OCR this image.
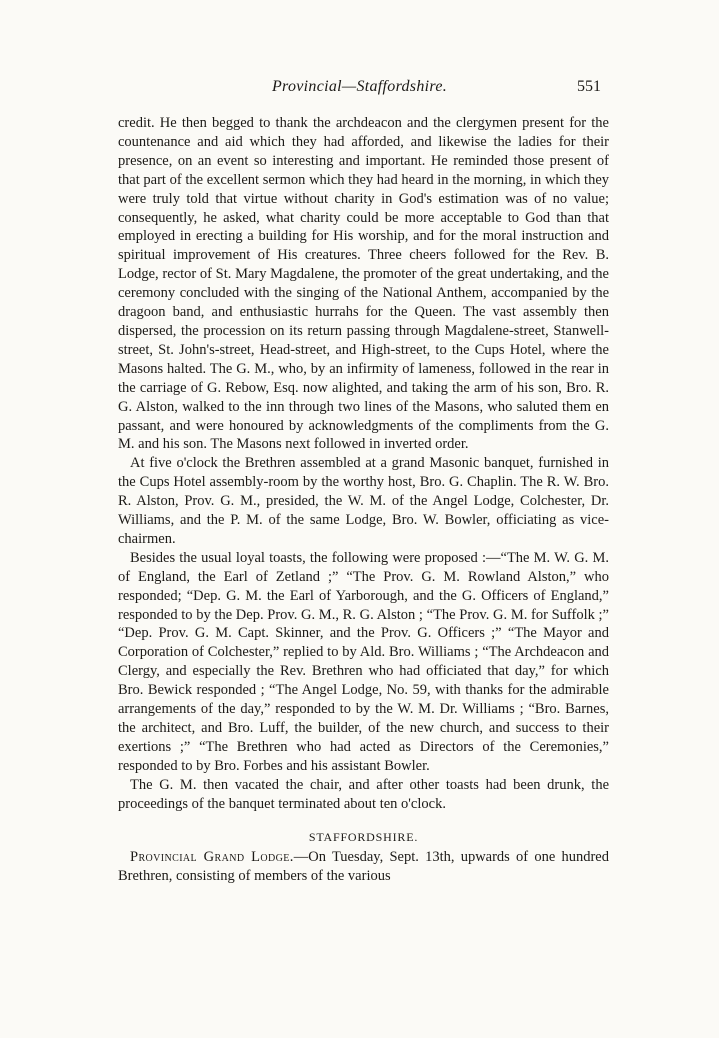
Provincial—Staffordshire.	551

credit. He then begged to thank the archdeacon and the clergymen present for the countenance and aid which they had afforded, and likewise the ladies for their presence, on an event so interesting and important. He reminded those present of that part of the excellent sermon which they had heard in the morning, in which they were truly told that virtue without charity in God's estimation was of no value; consequently, he asked, what charity could be more acceptable to God than that employed in erecting a building for His worship, and for the moral instruction and spiritual improvement of His creatures. Three cheers followed for the Rev. B. Lodge, rector of St. Mary Magdalene, the promoter of the great undertaking, and the ceremony concluded with the singing of the National Anthem, accompanied by the dragoon band, and enthusiastic hurrahs for the Queen. The vast assembly then dispersed, the procession on its return passing through Magdalene-street, Stanwell-street, St. John's-street, Head-street, and High-street, to the Cups Hotel, where the Masons halted. The G. M., who, by an infirmity of lameness, followed in the rear in the carriage of G. Rebow, Esq. now alighted, and taking the arm of his son, Bro. R. G. Alston, walked to the inn through two lines of the Masons, who saluted them en passant, and were honoured by acknowledgments of the compliments from the G. M. and his son. The Masons next followed in inverted order.

At five o'clock the Brethren assembled at a grand Masonic banquet, furnished in the Cups Hotel assembly-room by the worthy host, Bro. G. Chaplin. The R. W. Bro. R. Alston, Prov. G. M., presided, the W. M. of the Angel Lodge, Colchester, Dr. Williams, and the P. M. of the same Lodge, Bro. W. Bowler, officiating as vice-chairmen.

Besides the usual loyal toasts, the following were proposed :—“The M. W. G. M. of England, the Earl of Zetland ;” “The Prov. G. M. Rowland Alston,” who responded; “Dep. G. M. the Earl of Yarborough, and the G. Officers of England,” responded to by the Dep. Prov. G. M., R. G. Alston ; “The Prov. G. M. for Suffolk ;” “Dep. Prov. G. M. Capt. Skinner, and the Prov. G. Officers ;” “The Mayor and Corporation of Colchester,” replied to by Ald. Bro. Williams ; “The Archdeacon and Clergy, and especially the Rev. Brethren who had officiated that day,” for which Bro. Bewick responded ; “The Angel Lodge, No. 59, with thanks for the admirable arrangements of the day,” responded to by the W. M. Dr. Williams ; “Bro. Barnes, the architect, and Bro. Luff, the builder, of the new church, and success to their exertions ;” “The Brethren who had acted as Directors of the Ceremonies,” responded to by Bro. Forbes and his assistant Bowler.

The G. M. then vacated the chair, and after other toasts had been drunk, the proceedings of the banquet terminated about ten o'clock.

STAFFORDSHIRE.

Provincial Grand Lodge.—On Tuesday, Sept. 13th, upwards of one hundred Brethren, consisting of members of the various
